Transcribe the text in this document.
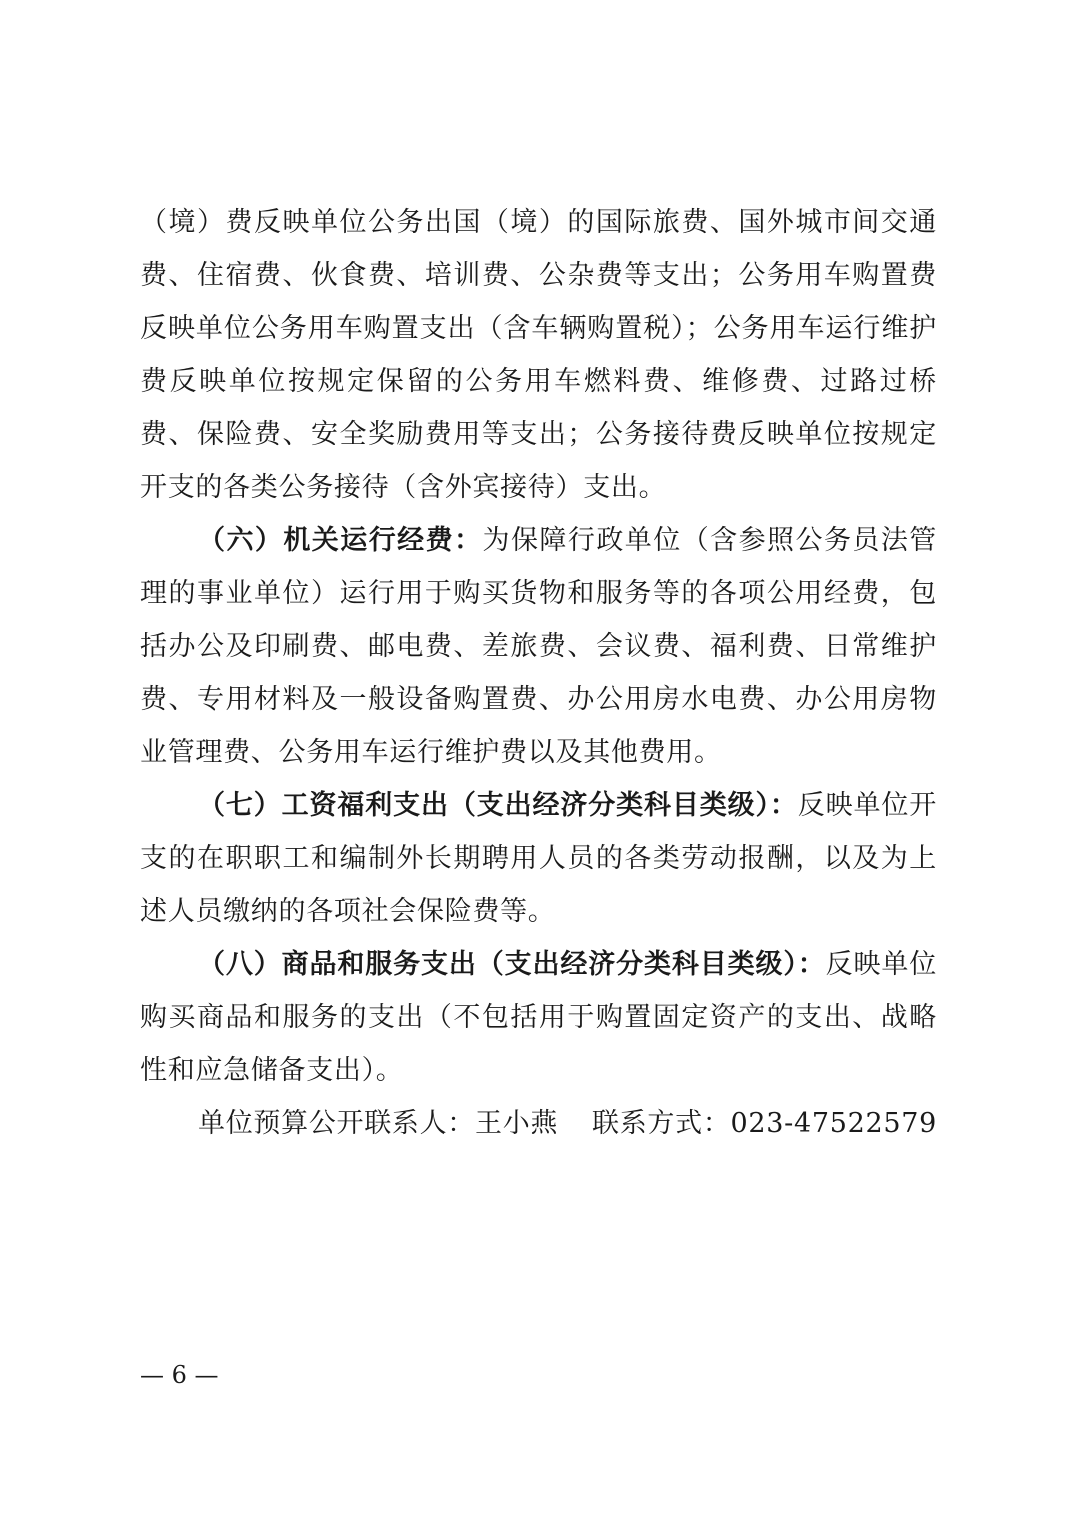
（境）费反映单位公务出国（境）的国际旅费、国外城市间交通费、住宿费、伙食费、培训费、公杂费等支出；公务用车购置费反映单位公务用车购置支出（含车辆购置税）；公务用车运行维护费反映单位按规定保留的公务用车燃料费、维修费、过路过桥费、保险费、安全奖励费用等支出；公务接待费反映单位按规定开支的各类公务接待（含外宾接待）支出。

（六）机关运行经费：为保障行政单位（含参照公务员法管理的事业单位）运行用于购买货物和服务等的各项公用经费，包括办公及印刷费、邮电费、差旅费、会议费、福利费、日常维护费、专用材料及一般设备购置费、办公用房水电费、办公用房物业管理费、公务用车运行维护费以及其他费用。

（七）工资福利支出（支出经济分类科目类级）：反映单位开支的在职职工和编制外长期聘用人员的各类劳动报酬，以及为上述人员缴纳的各项社会保险费等。

（八）商品和服务支出（支出经济分类科目类级）：反映单位购买商品和服务的支出（不包括用于购置固定资产的支出、战略性和应急储备支出）。

单位预算公开联系人：王小燕 联系方式：023-47522579
— 6 —
